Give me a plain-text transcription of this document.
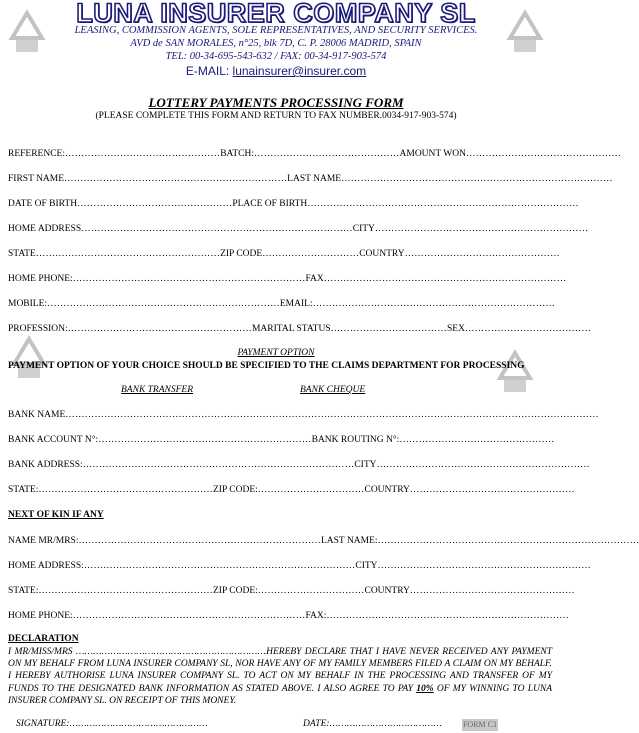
LUNA INSURER COMPANY SL
LEASING, COMMISSION AGENTS, SOLE REPRESENTATIVES, AND SECURITY SERVICES.
AVD de SAN MORALES, n°25, blk 7D, C. P. 28006 MADRID, SPAIN
TEL: 00-34-695-543-632 / FAX: 00-34-917-903-574
E-MAIL: lunainsurer@insurer.com
LOTTERY PAYMENTS PROCESSING FORM
(PLEASE COMPLETE THIS FORM AND RETURN TO FAX NUMBER.0034-917-903-574)
REFERENCE:…………………………………………BATCH:………………………………………AMOUNT WON…………………………………………
FIRST NAME……………………………………………………………LAST NAME…………………………………………………………………………
DATE OF BIRTH…………………………………………PLACE OF BIRTH…………………………………………………………………………
HOME ADDRESS…………………………………………………………………………CITY…………………………………………………………
STATE…………………………………………………ZIP CODE…………………………COUNTRY…………………………………………
HOME PHONE:………………………………………………………………FAX…………………………………………………………………
MOBILE:………………………………………………………………EMAIL:…………………………………………………………………
PROFESSION:…………………………………………………MARITAL STATUS………………………………SEX…………………………………
PAYMENT OPTION
PAYMENT OPTION OF YOUR CHOICE SHOULD BE SPECIFIED TO THE CLAIMS DEPARTMENT FOR PROCESSING
BANK TRANSFER	BANK CHEQUE
BANK NAME…………………………………………………………………………………………………………………………………………………
BANK ACCOUNT N°:…………………………………………………………BANK ROUTING N°:…………………………………………
BANK ADDRESS:…………………………………………………………………………CITY…………………………………………………………
STATE:………………………………………………ZIP CODE:……………………………COUNTRY……………………………………………
NEXT OF KIN IF ANY
NAME MR/MRS:…………………………………………………………………LAST NAME:………………………………………………………………………
HOME ADDRESS:…………………………………………………………………………CITY…………………………………………………………
STATE:………………………………………………ZIP CODE:……………………………COUNTRY……………………………………………
HOME PHONE:………………………………………………………………FAX:…………………………………………………………………
DECLARATION
I MR/MISS/MRS …………………………………………………………HEREBY DECLARE THAT I HAVE NEVER RECEIVED ANY PAYMENT ON MY BEHALF FROM LUNA INSURER COMPANY SL, NOR HAVE ANY OF MY FAMILY MEMBERS FILED A CLAIM ON MY BEHALF. I HEREBY AUTHORISE LUNA INSURER COMPANY SL. TO ACT ON MY BEHALF IN THE PROCESSING AND TRANSFER OF MY FUNDS TO THE DESIGNATED BANK INFORMATION AS STATED ABOVE. I ALSO AGREE TO PAY 10% OF MY WINNING TO LUNA INSURER COMPANY SL. ON RECEIPT OF THIS MONEY.
SIGNATURE:…………………………………………	DATE:…………………………………	FORM C1
